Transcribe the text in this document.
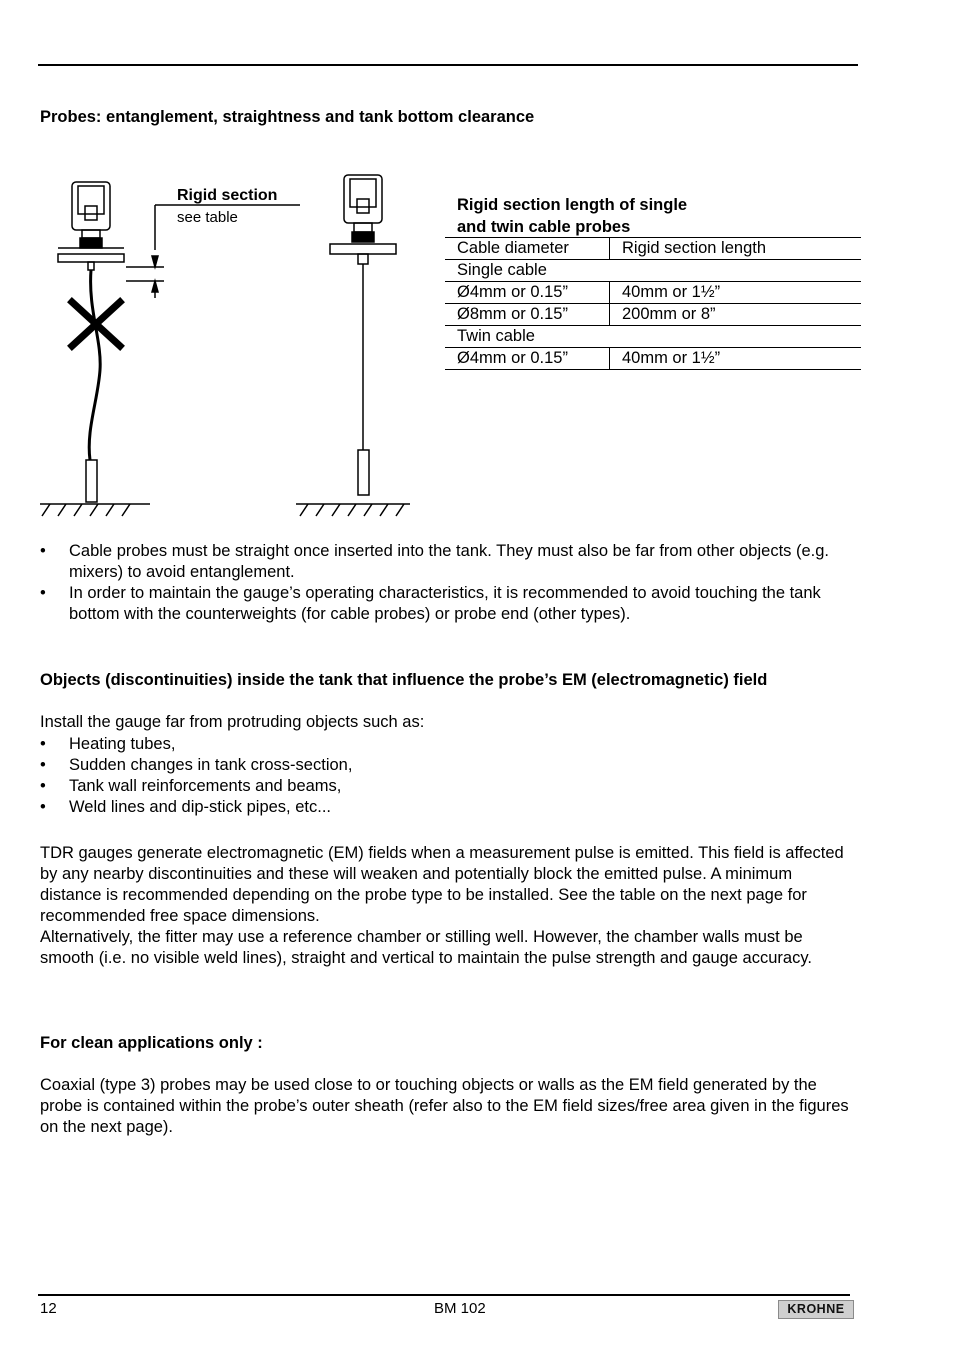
Probes: entanglement, straightness and tank bottom clearance
Rigid section
see table
Rigid section length of single
and twin cable probes
Cable diameter	Rigid section length
Single cable	
Ø4mm or 0.15”	40mm or 1½”
Ø8mm or 0.15”	200mm or 8”
Twin cable	
Ø4mm or 0.15”	40mm or 1½”
• Cable probes must be straight once inserted into the tank. They must also be far from other objects (e.g. mixers) to avoid entanglement.
• In order to maintain the gauge’s operating characteristics, it is recommended to avoid touching the tank bottom with the counterweights (for cable probes) or probe end (other types).
Objects (discontinuities) inside the tank that influence the probe’s EM (electromagnetic) field
Install the gauge far from protruding objects such as:
• Heating tubes,
• Sudden changes in tank cross-section,
• Tank wall reinforcements and beams,
• Weld lines and dip-stick pipes, etc...
TDR gauges generate electromagnetic (EM) fields when a measurement pulse is emitted. This field is affected by any nearby discontinuities and these will weaken and potentially block the emitted pulse. A minimum distance is recommended depending on the probe type to be installed. See the table on the next page for recommended free space dimensions.
Alternatively, the fitter may use a reference chamber or stilling well. However, the chamber walls must be smooth (i.e. no visible weld lines), straight and vertical to maintain the pulse strength and gauge accuracy.
For clean applications only :
Coaxial (type 3) probes may be used close to or touching objects or walls as the EM field generated by the probe is contained within the probe’s outer sheath (refer also to the EM field sizes/free area given in the figures on the next page).
12	BM 102	KROHNE
